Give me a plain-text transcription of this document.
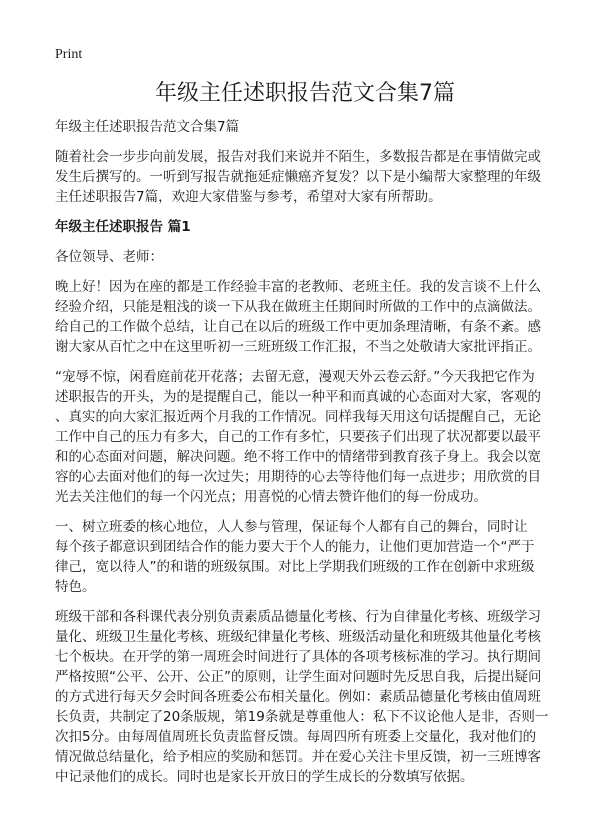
Print
年级主任述职报告范文合集7篇
年级主任述职报告范文合集7篇
随着社会一步步向前发展，报告对我们来说并不陌生，多数报告都是在事情做完或
发生后撰写的。一听到写报告就拖延症懒癌齐复发？以下是小编帮大家整理的年级
主任述职报告7篇，欢迎大家借鉴与参考，希望对大家有所帮助。
年级主任述职报告 篇1
各位领导、老师：
晚上好！因为在座的都是工作经验丰富的老教师、老班主任。我的发言谈不上什么
经验介绍，只能是粗浅的谈一下从我在做班主任期间时所做的工作中的点滴做法。
给自己的工作做个总结，让自己在以后的班级工作中更加条理清晰，有条不紊。感
谢大家从百忙之中在这里听初一三班班级工作汇报，不当之处敬请大家批评指正。
“宠辱不惊，闲看庭前花开花落；去留无意，漫观天外云卷云舒。”今天我把它作为
述职报告的开头，为的是提醒自己，能以一种平和而真诚的心态面对大家，客观的
、真实的向大家汇报近两个月我的工作情况。同样我每天用这句话提醒自己，无论
工作中自己的压力有多大，自己的工作有多忙，只要孩子们出现了状况都要以最平
和的心态面对问题，解决问题。绝不将工作中的情绪带到教育孩子身上。我会以宽
容的心去面对他们的每一次过失；用期待的心去等待他们每一点进步；用欣赏的目
光去关注他们的每一个闪光点；用喜悦的心情去赞许他们的每一份成功。
一、树立班委的核心地位，人人参与管理，保证每个人都有自己的舞台，同时让
每个孩子都意识到团结合作的能力要大于个人的能力，让他们更加营造一个“严于
律己，宽以待人”的和谐的班级氛围。对比上学期我们班级的工作在创新中求班级
特色。
班级干部和各科课代表分别负责素质品德量化考核、行为自律量化考核、班级学习
量化、班级卫生量化考核、班级纪律量化考核、班级活动量化和班级其他量化考核
七个板块。在开学的第一周班会时间进行了具体的各项考核标准的学习。执行期间
严格按照“公平、公开、公正”的原则，让学生面对问题时先反思自我，后提出疑问
的方式进行每天夕会时间各班委公布相关量化。例如：素质品德量化考核由值周班
长负责，共制定了20条版规，第19条就是尊重他人：私下不议论他人是非，否则一
次扣5分。由每周值周班长负责监督反馈。每周四所有班委上交量化，我对他们的
情况做总结量化，给予相应的奖励和惩罚。并在爱心关注卡里反馈，初一三班博客
中记录他们的成长。同时也是家长开放日的学生成长的分数填写依据。
